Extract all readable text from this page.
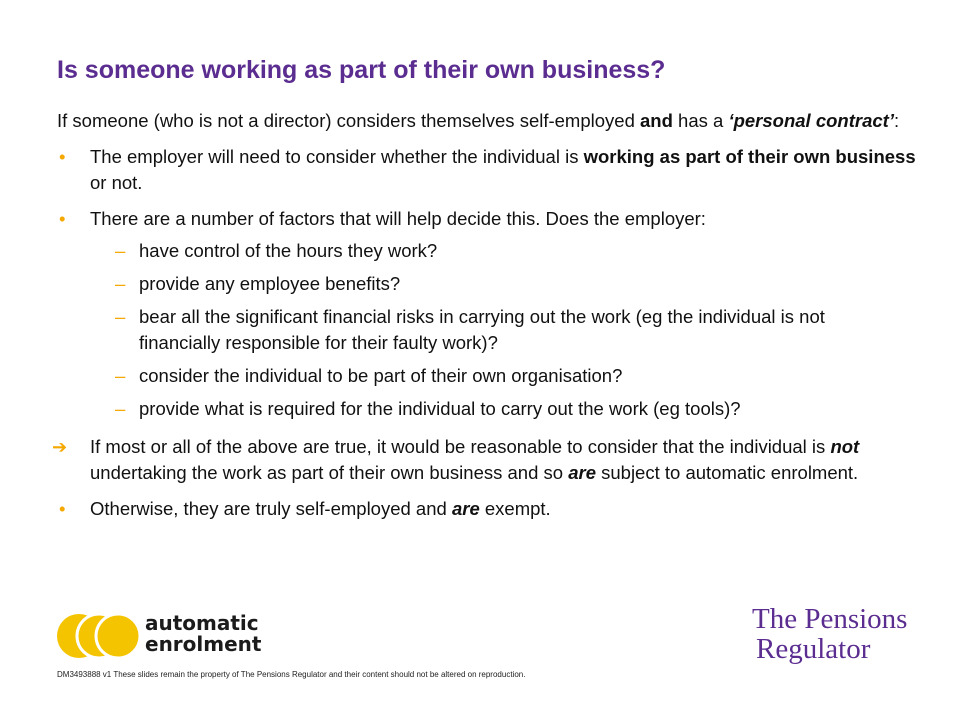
Is someone working as part of their own business?

If someone (who is not a director) considers themselves self-employed and has a ‘personal contract’:

• The employer will need to consider whether the individual is working as part of their own business or not.
• There are a number of factors that will help decide this. Does the employer:
– have control of the hours they work?
– provide any employee benefits?
– bear all the significant financial risks in carrying out the work (eg the individual is not financially responsible for their faulty work)?
– consider the individual to be part of their own organisation?
– provide what is required for the individual to carry out the work (eg tools)?
➔ If most or all of the above are true, it would be reasonable to consider that the individual is not undertaking the work as part of their own business and so are subject to automatic enrolment.
• Otherwise, they are truly self-employed and are exempt.
automatic
enrolment
The Pensions
Regulator
DM3493888 v1 These slides remain the property of The Pensions Regulator and their content should not be altered on reproduction.
